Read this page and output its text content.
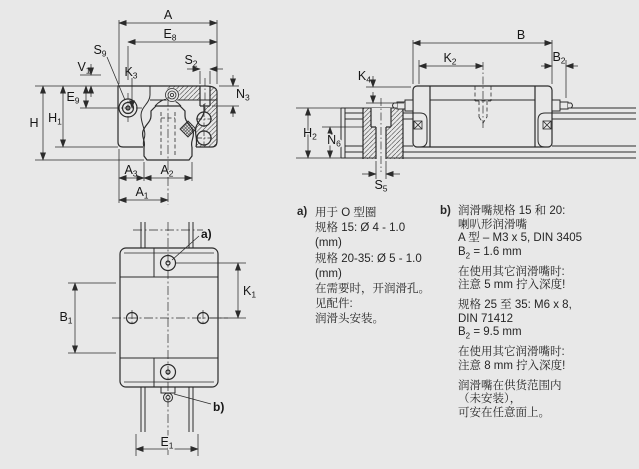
A
$E_8$
$S_9$
$V_1$	$K_3$
$S_2$
$N_3$
$E_9$
H $H_1$
$A_3$ $A_2$
$A_1$
B
$K_2$	$B_2$
$K_4$
$H_2$ $N_6$
$S_5$
a)
b)
$K_1$
$B_1$
$E_1$
a) 用于 O 型圈
规格 15: Ø 4 - 1.0 (mm)
规格 20-35: Ø 5 - 1.0
(mm)
在需要时，开润滑孔。
见配件:
润滑头安装。
b) 润滑嘴规格 15 和 20:
喇叭形润滑嘴
A 型 – M3 x 5, DIN 3405
$B_2 = 1.6$ mm

在使用其它润滑嘴时:
注意 5 mm 拧入深度!

规格 25 至 35: M6 x 8,
DIN 71412
$B_2 = 9.5$ mm

在使用其它润滑嘴时:
注意 8 mm 拧入深度!

润滑嘴在供货范围内
（未安装），
可安在任意面上。
